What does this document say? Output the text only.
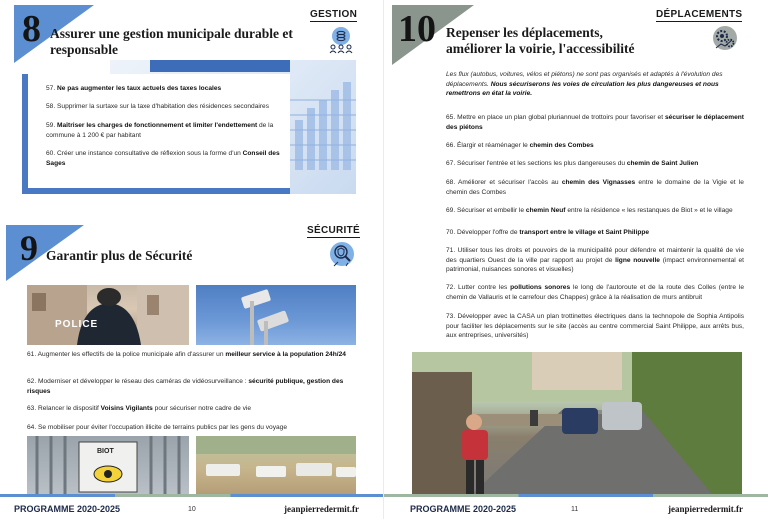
8 Assurer une gestion municipale durable et
responsable
GESTION
57. Ne pas augmenter les taux actuels des taxes locales
58. Supprimer la surtaxe sur la taxe d'habitation des résidences secondaires
59. Maîtriser les charges de fonctionnement et limiter l'endettement de la commune à 1 200 € par habitant
60. Créer une instance consultative de réflexion sous la forme d'un Conseil des Sages
9 Garantir plus de Sécurité
SÉCURITÉ
POLICE
61. Augmenter les effectifs de la police municipale afin d'assurer un meilleur service à la population 24h/24
62. Moderniser et développer le réseau des caméras de vidéosurveillance : sécurité publique, gestion des risques
63. Relancer le dispositif Voisins Vigilants pour sécuriser notre cadre de vie
64. Se mobiliser pour éviter l'occupation illicite de terrains publics par les gens du voyage
BIOT
PROGRAMME 2020-2025	10	jeanpierredermit.fr
10 Repenser les déplacements,
améliorer la voirie, l'accessibilité
DÉPLACEMENTS
Les flux (autobus, voitures, vélos et piétons) ne sont pas organisés et adaptés à l'évolution des déplacements. Nous sécuriserons les voies de circulation les plus dangereuses et nous remettrons en état la voirie.
65. Mettre en place un plan global pluriannuel de trottoirs pour favoriser et sécuriser le déplacement des piétons
66. Élargir et réaménager le chemin des Combes
67. Sécuriser l'entrée et les sections les plus dangereuses du chemin de Saint Julien
68. Améliorer et sécuriser l'accès au chemin des Vignasses entre le domaine de la Vigie et le chemin des Combes
69. Sécuriser et embellir le chemin Neuf entre la résidence « les restanques de Biot » et le village
70. Développer l'offre de transport entre le village et Saint Philippe
71. Utiliser tous les droits et pouvoirs de la municipalité pour défendre et maintenir la qualité de vie des quartiers Ouest de la ville par rapport au projet de ligne nouvelle (impact environnemental et patrimonial, nuisances sonores et visuelles)
72. Lutter contre les pollutions sonores le long de l'autoroute et de la route des Colles (entre le chemin de Vallauris et le carrefour des Chappes) grâce à la réalisation de murs antibruit
73. Développer avec la CASA un plan trottinettes électriques dans la technopole de Sophia Antipolis pour faciliter les déplacements sur le site (accès au centre commercial Saint Philippe, aux arrêts bus, aux entreprises, universités)
PROGRAMME 2020-2025	11	jeanpierredermit.fr
